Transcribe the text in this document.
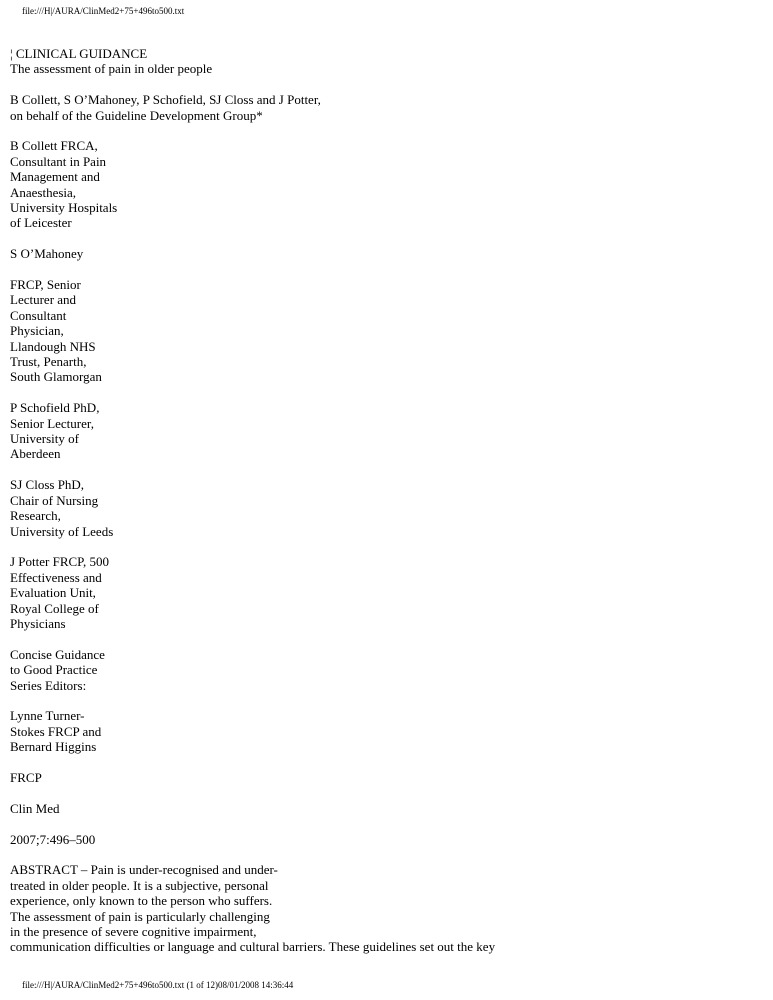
file:///H|/AURA/ClinMed2+75+496to500.txt
¦ CLINICAL GUIDANCE
The assessment of pain in older people
B Collett, S O’Mahoney, P Schofield, SJ Closs and J Potter,
on behalf of the Guideline Development Group*
B Collett FRCA,
Consultant in Pain
Management and
Anaesthesia,
University Hospitals
of Leicester
S O’Mahoney
FRCP, Senior
Lecturer and
Consultant
Physician,
Llandough NHS
Trust, Penarth,
South Glamorgan
P Schofield PhD,
Senior Lecturer,
University of
Aberdeen
SJ Closs PhD,
Chair of Nursing
Research,
University of Leeds
J Potter FRCP, 500
Effectiveness and
Evaluation Unit,
Royal College of
Physicians
Concise Guidance
to Good Practice
Series Editors:
Lynne Turner-
Stokes FRCP and
Bernard Higgins
FRCP
Clin Med
2007;7:496–500
ABSTRACT – Pain is under-recognised and under-
treated in older people. It is a subjective, personal
experience, only known to the person who suffers.
The assessment of pain is particularly challenging
in the presence of severe cognitive impairment,
communication difficulties or language and cultural barriers. These guidelines set out the key
file:///H|/AURA/ClinMed2+75+496to500.txt (1 of 12)08/01/2008 14:36:44
